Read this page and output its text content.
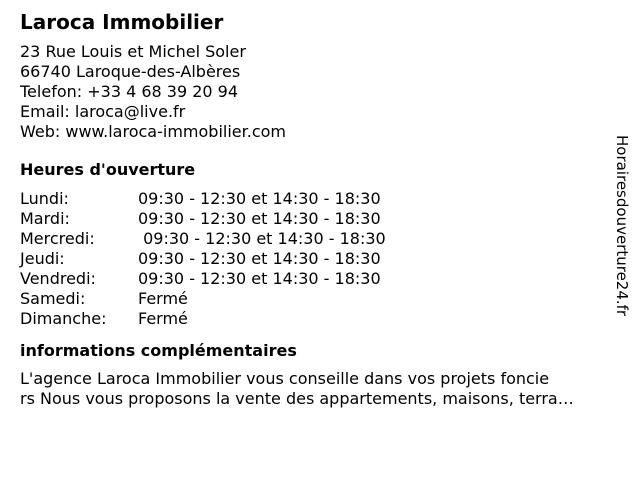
Laroca Immobilier
23 Rue Louis et Michel Soler
66740 Laroque-des-Albères
Telefon: +33 4 68 39 20 94
Email: laroca@live.fr
Web: www.laroca-immobilier.com
Heures d'ouverture
Lundi:	09:30 - 12:30 et 14:30 - 18:30
Mardi:	09:30 - 12:30 et 14:30 - 18:30
Mercredi:	09:30 - 12:30 et 14:30 - 18:30
Jeudi:	09:30 - 12:30 et 14:30 - 18:30
Vendredi:	09:30 - 12:30 et 14:30 - 18:30
Samedi:	Fermé
Dimanche:	Fermé
informations complémentaires
L'agence Laroca Immobilier vous conseille dans vos projets foncie
rs Nous vous proposons la vente des appartements, maisons, terra…
Horairesdouverture24.fr
